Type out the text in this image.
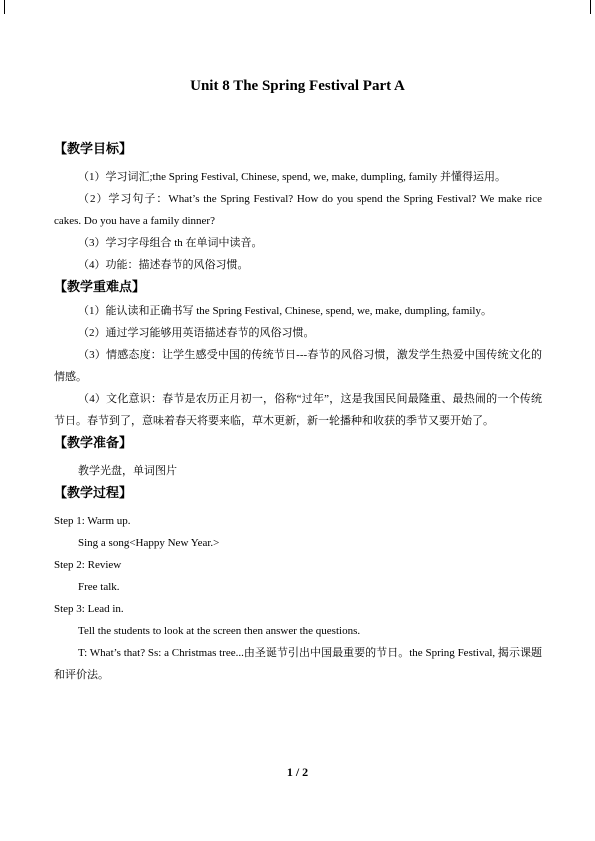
Unit 8 The Spring Festival Part A
【教学目标】

（1）学习词汇;the Spring Festival, Chinese, spend, we, make, dumpling, family 并懂得运用。

（2）学习句子：What’s the Spring Festival? How do you spend the Spring Festival? We make rice cakes. Do you have a family dinner?

（3）学习字母组合 th 在单词中读音。

（4）功能：描述春节的风俗习惯。

【教学重难点】

（1）能认读和正确书写 the Spring Festival, Chinese, spend, we, make, dumpling, family。

（2）通过学习能够用英语描述春节的风俗习惯。

（3）情感态度：让学生感受中国的传统节日---春节的风俗习惯，激发学生热爱中国传统文化的情感。

（4）文化意识：春节是农历正月初一，俗称“过年”，这是我国民间最隆重、最热闹的一个传统节日。春节到了，意味着春天将要来临，草木更新，新一轮播种和收获的季节又要开始了。

【教学准备】

教学光盘，单词图片

【教学过程】

Step 1: Warm up.

Sing a song<Happy New Year.>

Step 2: Review

Free talk.

Step 3: Lead in.

Tell the students to look at the screen then answer the questions.

T: What’s that? Ss: a Christmas tree...由圣诞节引出中国最重要的节日。the Spring Festival, 揭示课题和评价法。

1 / 2
